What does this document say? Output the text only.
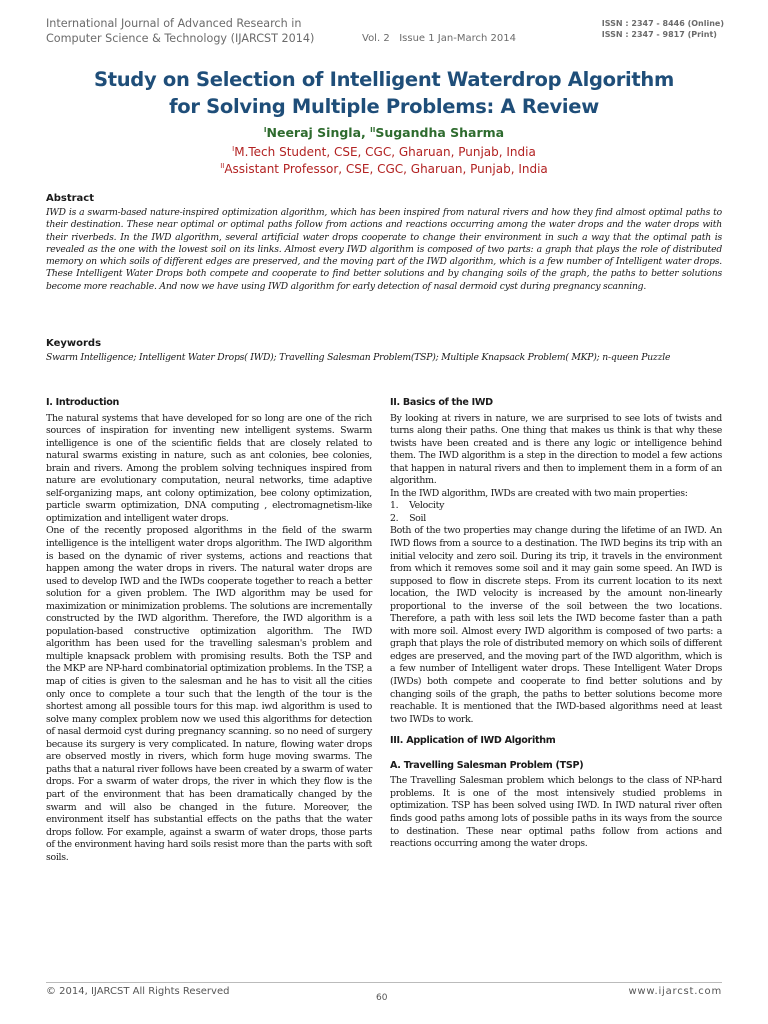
International Journal of Advanced Research in
Computer Science & Technology (IJARCST 2014)	Vol. 2   Issue 1 Jan-March 2014
ISSN : 2347 - 8446 (Online)
ISSN : 2347 - 9817 (Print)
Study on Selection of Intelligent Waterdrop Algorithm
for Solving Multiple Problems: A Review
$^I$Neeraj Singla, $^{II}$Sugandha Sharma
$^I$M.Tech Student, CSE, CGC, Gharuan, Punjab, India
$^{II}$Assistant Professor, CSE, CGC, Gharuan, Punjab, India
Abstract
IWD is a swarm-based nature-inspired optimization algorithm, which has been inspired from natural rivers and how they find almost optimal paths to their destination. These near optimal or optimal paths follow from actions and reactions occurring among the water drops and the water drops with their riverbeds. In the IWD algorithm, several artificial water drops cooperate to change their environment in such a way that the optimal path is revealed as the one with the lowest soil on its links. Almost every IWD algorithm is composed of two parts: a graph that plays the role of distributed memory on which soils of different edges are preserved, and the moving part of the IWD algorithm, which is a few number of Intelligent water drops. These Intelligent Water Drops both compete and cooperate to find better solutions and by changing soils of the graph, the paths to better solutions become more reachable. And now we have using IWD algorithm for early detection of nasal dermoid cyst during pregnancy scanning.
Keywords
Swarm Intelligence; Intelligent Water Drops( IWD); Travelling Salesman Problem(TSP); Multiple Knapsack Problem( MKP); n-queen Puzzle
I. Introduction

The natural systems that have developed for so long are one of the rich sources of inspiration for inventing new intelligent systems. Swarm intelligence is one of the scientific fields that are closely related to natural swarms existing in nature, such as ant colonies, bee colonies, brain and rivers. Among the problem solving techniques inspired from nature are evolutionary computation, neural networks, time adaptive self-organizing maps, ant colony optimization, bee colony optimization, particle swarm optimization, DNA computing , electromagnetism-like optimization and intelligent water drops.

One of the recently proposed algorithms in the field of the swarm intelligence is the intelligent water drops algorithm. The IWD algorithm is based on the dynamic of river systems, actions and reactions that happen among the water drops in rivers. The natural water drops are used to develop IWD and the IWDs cooperate together to reach a better solution for a given problem. The IWD algorithm may be used for maximization or minimization problems. The solutions are incrementally constructed by the IWD algorithm. Therefore, the IWD algorithm is a population-based constructive optimization algorithm. The IWD algorithm has been used for the travelling salesman's problem and multiple knapsack problem with promising results. Both the TSP and the MKP are NP-hard combinatorial optimization problems. In the TSP, a map of cities is given to the salesman and he has to visit all the cities only once to complete a tour such that the length of the tour is the shortest among all possible tours for this map. iwd algorithm is used to solve many complex problem now we used this algorithms for detection of nasal dermoid cyst during pregnancy scanning. so no need of surgery because its surgery is very complicated. In nature, flowing water drops are observed mostly in rivers, which form huge moving swarms. The paths that a natural river follows have been created by a swarm of water drops. For a swarm of water drops, the river in which they flow is the part of the environment that has been dramatically changed by the swarm and will also be changed in the future. Moreover, the environment itself has substantial effects on the paths that the water drops follow. For example, against a swarm of water drops, those parts of the environment having hard soils resist more than the parts with soft soils.

II. Basics of the IWD

By looking at rivers in nature, we are surprised to see lots of twists and turns along their paths. One thing that makes us think is that why these twists have been created and is there any logic or intelligence behind them. The IWD algorithm is a step in the direction to model a few actions that happen in natural rivers and then to implement them in a form of an algorithm.

In the IWD algorithm, IWDs are created with two main properties:

1.    Velocity
2.    Soil

Both of the two properties may change during the lifetime of an IWD. An IWD flows from a source to a destination. The IWD begins its trip with an initial velocity and zero soil. During its trip, it travels in the environment from which it removes some soil and it may gain some speed. An IWD is supposed to flow in discrete steps. From its current location to its next location, the IWD velocity is increased by the amount non-linearly proportional to the inverse of the soil between the two locations. Therefore, a path with less soil lets the IWD become faster than a path with more soil. Almost every IWD algorithm is composed of two parts: a graph that plays the role of distributed memory on which soils of different edges are preserved, and the moving part of the IWD algorithm, which is a few number of Intelligent water drops. These Intelligent Water Drops (IWDs) both compete and cooperate to find better solutions and by changing soils of the graph, the paths to better solutions become more reachable. It is mentioned that the IWD-based algorithms need at least two IWDs to work.

III. Application of IWD Algorithm
A. Travelling Salesman Problem (TSP)

The Travelling Salesman problem which belongs to the class of NP-hard problems. It is one of the most intensively studied problems in optimization. TSP has been solved using IWD. In IWD natural river often finds good paths among lots of possible paths in its ways from the source to destination. These near optimal paths follow from actions and reactions occurring among the water drops.

© 2014, IJARCST All Rights Reserved
60
www.ijarcst.com
